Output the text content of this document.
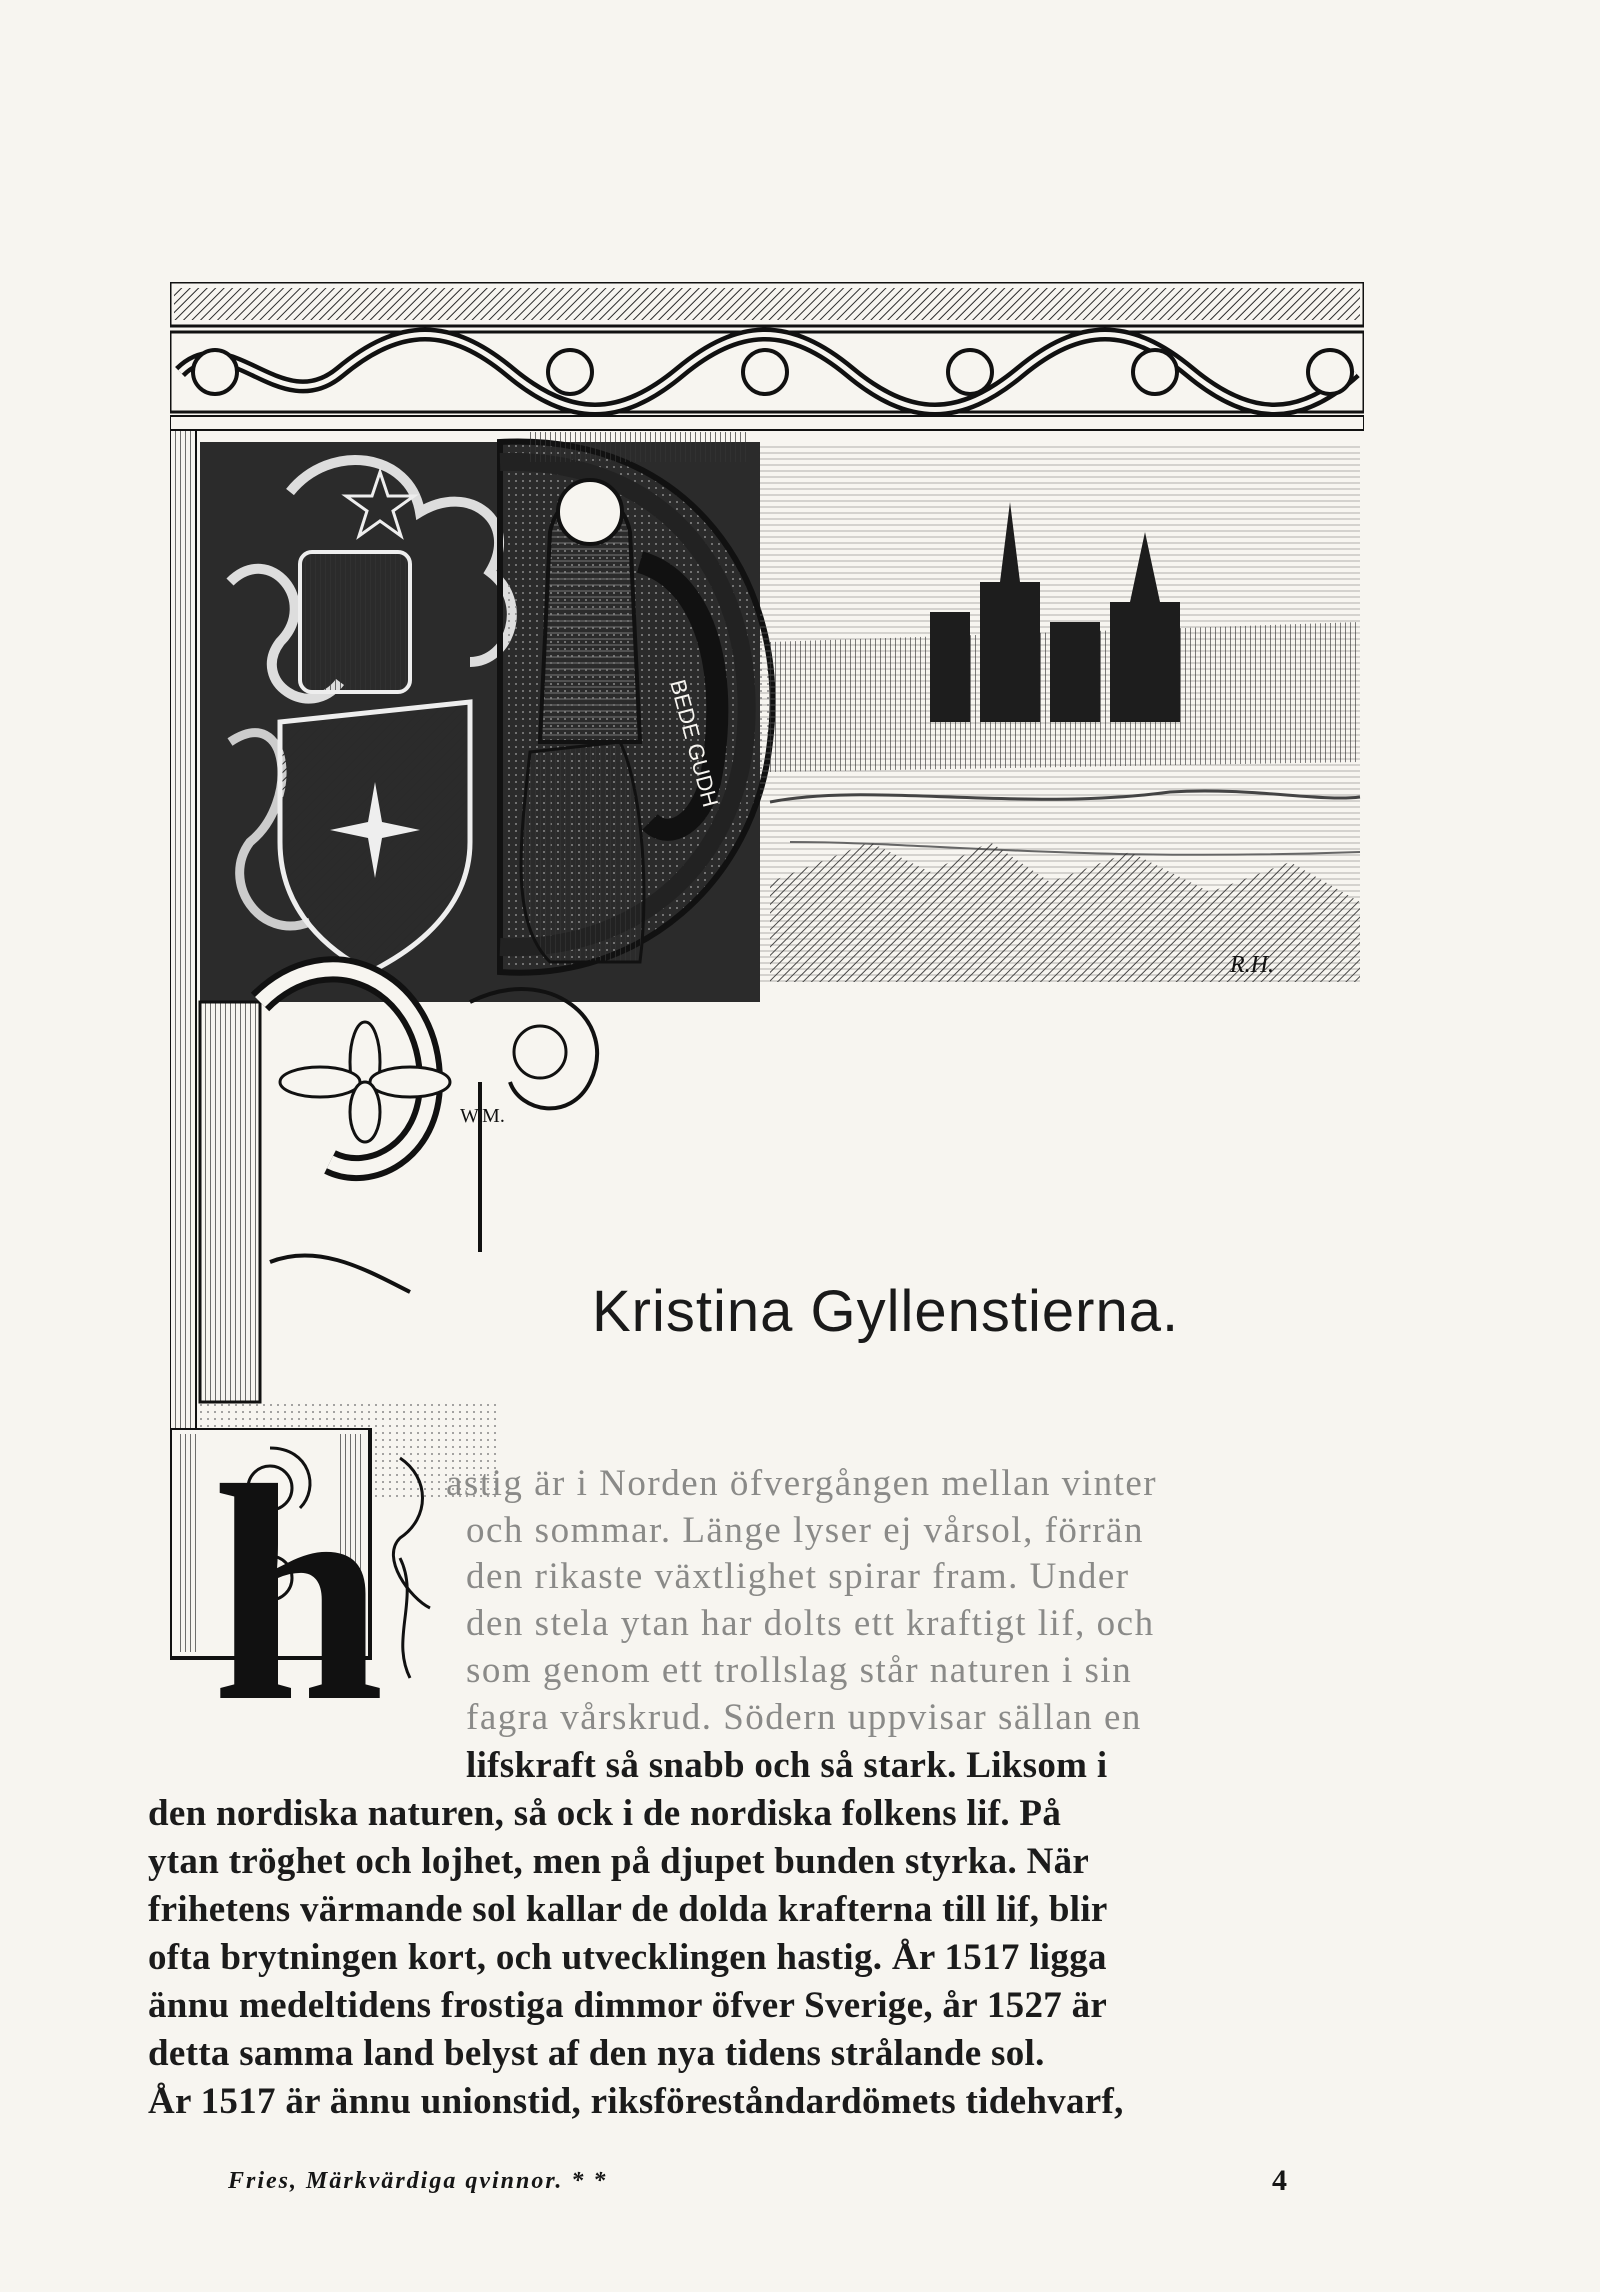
BEDE GUDH
W.M.
R.H.
Kristina Gyllenstierna.
h astig är i Norden öfvergången mellan vinter
och sommar. Länge lyser ej vårsol, förrän
den rikaste växtlighet spirar fram. Under
den stela ytan har dolts ett kraftigt lif, och
som genom ett trollslag står naturen i sin
fagra vårskrud. Södern uppvisar sällan en
lifskraft så snabb och så stark. Liksom i
den nordiska naturen, så ock i de nordiska folkens lif. På
ytan tröghet och lojhet, men på djupet bunden styrka. När
frihetens värmande sol kallar de dolda krafterna till lif, blir
ofta brytningen kort, och utvecklingen hastig. År 1517 ligga
ännu medeltidens frostiga dimmor öfver Sverige, år 1527 är
detta samma land belyst af den nya tidens strålande sol.
År 1517 är ännu unionstid, riksföreståndardömets tidehvarf,
Fries, Märkvärdiga qvinnor. * *	4
